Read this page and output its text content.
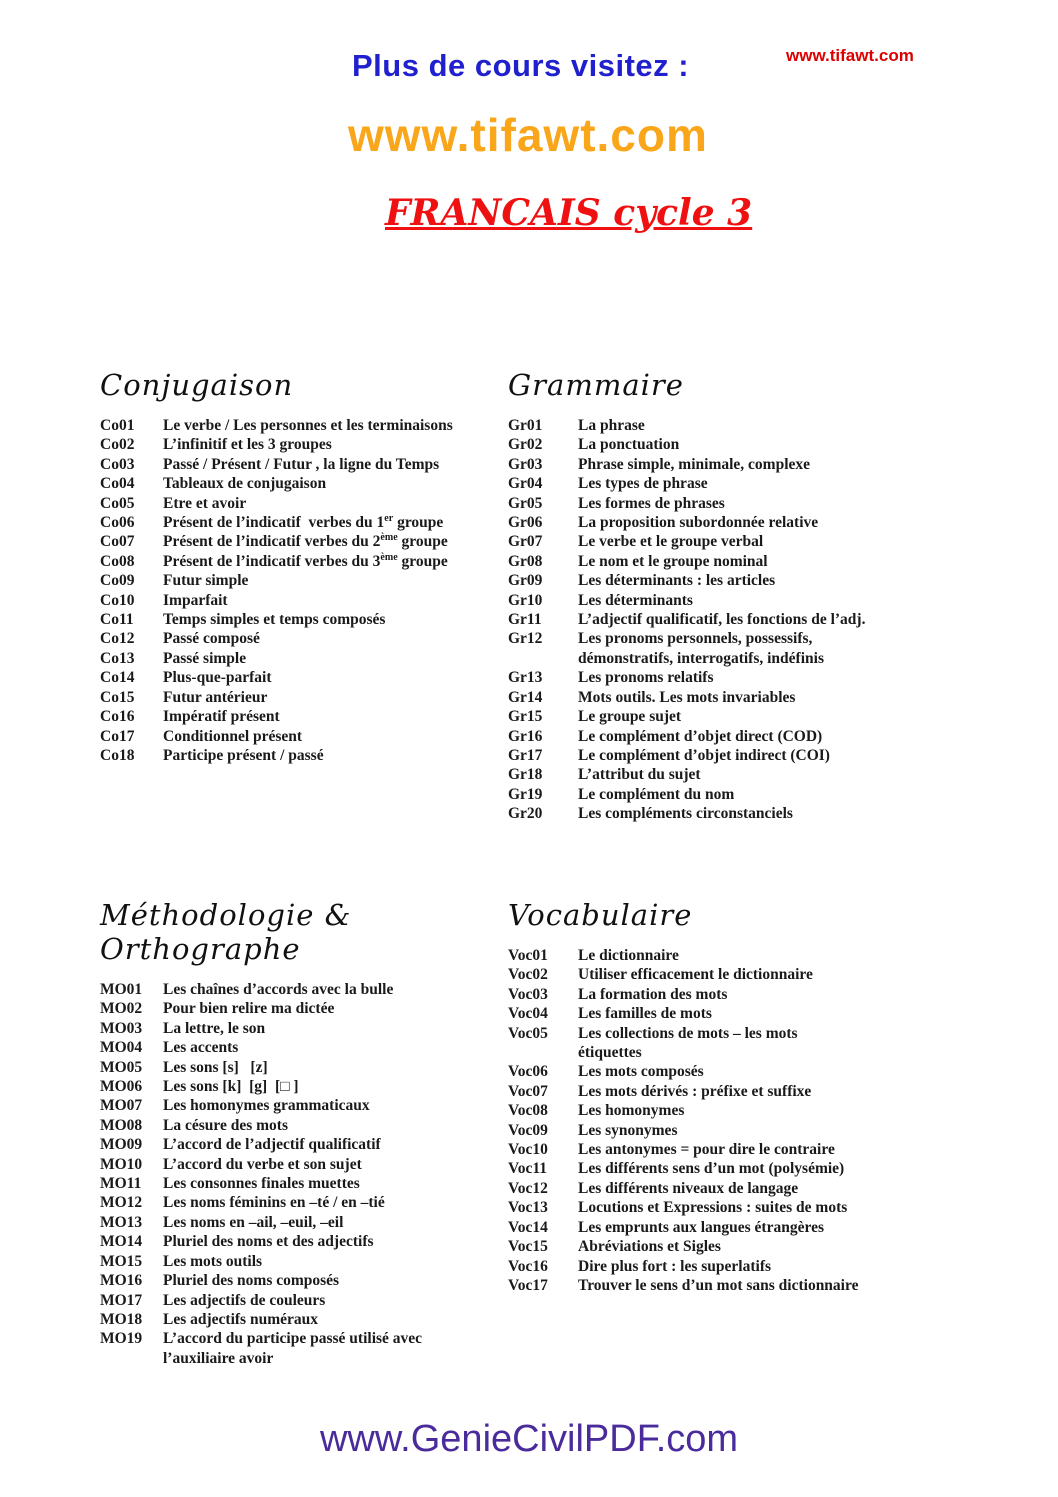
Plus de cours visitez :	www.tifawt.com
www.tifawt.com
FRANCAIS cycle 3
Conjugaison
Co01	Le verbe / Les personnes et les terminaisons
Co02	L’infinitif et les 3 groupes
Co03	Passé / Présent / Futur , la ligne du Temps
Co04	Tableaux de conjugaison
Co05	Etre et avoir
Co06	Présent de l’indicatif  verbes du 1er groupe
Co07	Présent de l’indicatif verbes du 2ème groupe
Co08	Présent de l’indicatif verbes du 3ème groupe
Co09	Futur simple
Co10	Imparfait
Co11	Temps simples et temps composés
Co12	Passé composé
Co13	Passé simple
Co14	Plus-que-parfait
Co15	Futur antérieur
Co16	Impératif présent
Co17	Conditionnel présent
Co18	Participe présent / passé
Grammaire
Gr01	La phrase
Gr02	La ponctuation
Gr03	Phrase simple, minimale, complexe
Gr04	Les types de phrase
Gr05	Les formes de phrases
Gr06	La proposition subordonnée relative
Gr07	Le verbe et le groupe verbal
Gr08	Le nom et le groupe nominal
Gr09	Les déterminants : les articles
Gr10	Les déterminants
Gr11	L’adjectif qualificatif, les fonctions de l’adj.
Gr12	Les pronoms personnels, possessifs,
démonstratifs, interrogatifs, indéfinis
Gr13	Les pronoms relatifs
Gr14	Mots outils. Les mots invariables
Gr15	Le groupe sujet
Gr16	Le complément d’objet direct (COD)
Gr17	Le complément d’objet indirect (COI)
Gr18	L’attribut du sujet
Gr19	Le complément du nom
Gr20	Les compléments circonstanciels
Méthodologie & Orthographe
MO01	Les chaînes d’accords avec la bulle
MO02	Pour bien relire ma dictée
MO03	La lettre, le son
MO04	Les accents
MO05	Les sons [s]   [z]
MO06	Les sons [k]  [g]  [□ ]
MO07	Les homonymes grammaticaux
MO08	La césure des mots
MO09	L’accord de l’adjectif qualificatif
MO10	L’accord du verbe et son sujet
MO11	Les consonnes finales muettes
MO12	Les noms féminins en –té / en –tié
MO13	Les noms en –ail, –euil, –eil
MO14	Pluriel des noms et des adjectifs
MO15	Les mots outils
MO16	Pluriel des noms composés
MO17	Les adjectifs de couleurs
MO18	Les adjectifs numéraux
MO19	L’accord du participe passé utilisé avec
l’auxiliaire avoir
Vocabulaire
Voc01	Le dictionnaire
Voc02	Utiliser efficacement le dictionnaire
Voc03	La formation des mots
Voc04	Les familles de mots
Voc05	Les collections de mots – les mots
étiquettes
Voc06	Les mots composés
Voc07	Les mots dérivés : préfixe et suffixe
Voc08	Les homonymes
Voc09	Les synonymes
Voc10	Les antonymes = pour dire le contraire
Voc11	Les différents sens d’un mot (polysémie)
Voc12	Les différents niveaux de langage
Voc13	Locutions et Expressions : suites de mots
Voc14	Les emprunts aux langues étrangères
Voc15	Abréviations et Sigles
Voc16	Dire plus fort : les superlatifs
Voc17	Trouver le sens d’un mot sans dictionnaire
www.GenieCivilPDF.com
